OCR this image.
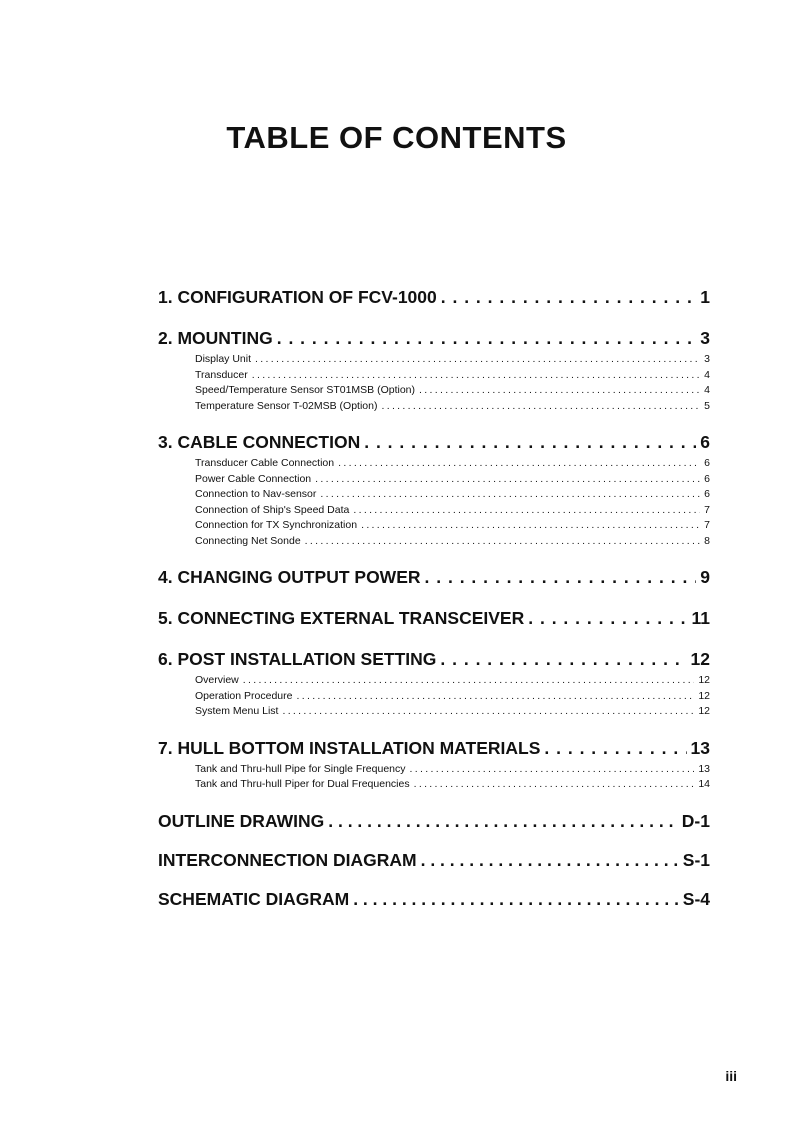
TABLE OF CONTENTS
1. CONFIGURATION OF FCV-1000 . . .	1
2. MOUNTING . . .	3
Display Unit . . .	3
Transducer . . .	4
Speed/Temperature Sensor ST01MSB (Option) . . .	4
Temperature Sensor T-02MSB (Option) . . .	5
3. CABLE CONNECTION . . .	6
Transducer Cable Connection . . .	6
Power Cable Connection . . .	6
Connection to Nav-sensor . . .	6
Connection of Ship's Speed Data . . .	7
Connection for TX Synchronization . . .	7
Connecting Net Sonde . . .	8
4. CHANGING OUTPUT POWER . . .	9
5. CONNECTING EXTERNAL TRANSCEIVER . . .	11
6. POST INSTALLATION SETTING . . .	12
Overview . . .	12
Operation Procedure . . .	12
System Menu List . . .	12
7. HULL BOTTOM INSTALLATION MATERIALS . . .	13
Tank and Thru-hull Pipe for Single Frequency . . .	13
Tank and Thru-hull Piper for Dual Frequencies . . .	14
OUTLINE DRAWING . . .	D-1
INTERCONNECTION DIAGRAM . . .	S-1
SCHEMATIC DIAGRAM . . .	S-4

iii
